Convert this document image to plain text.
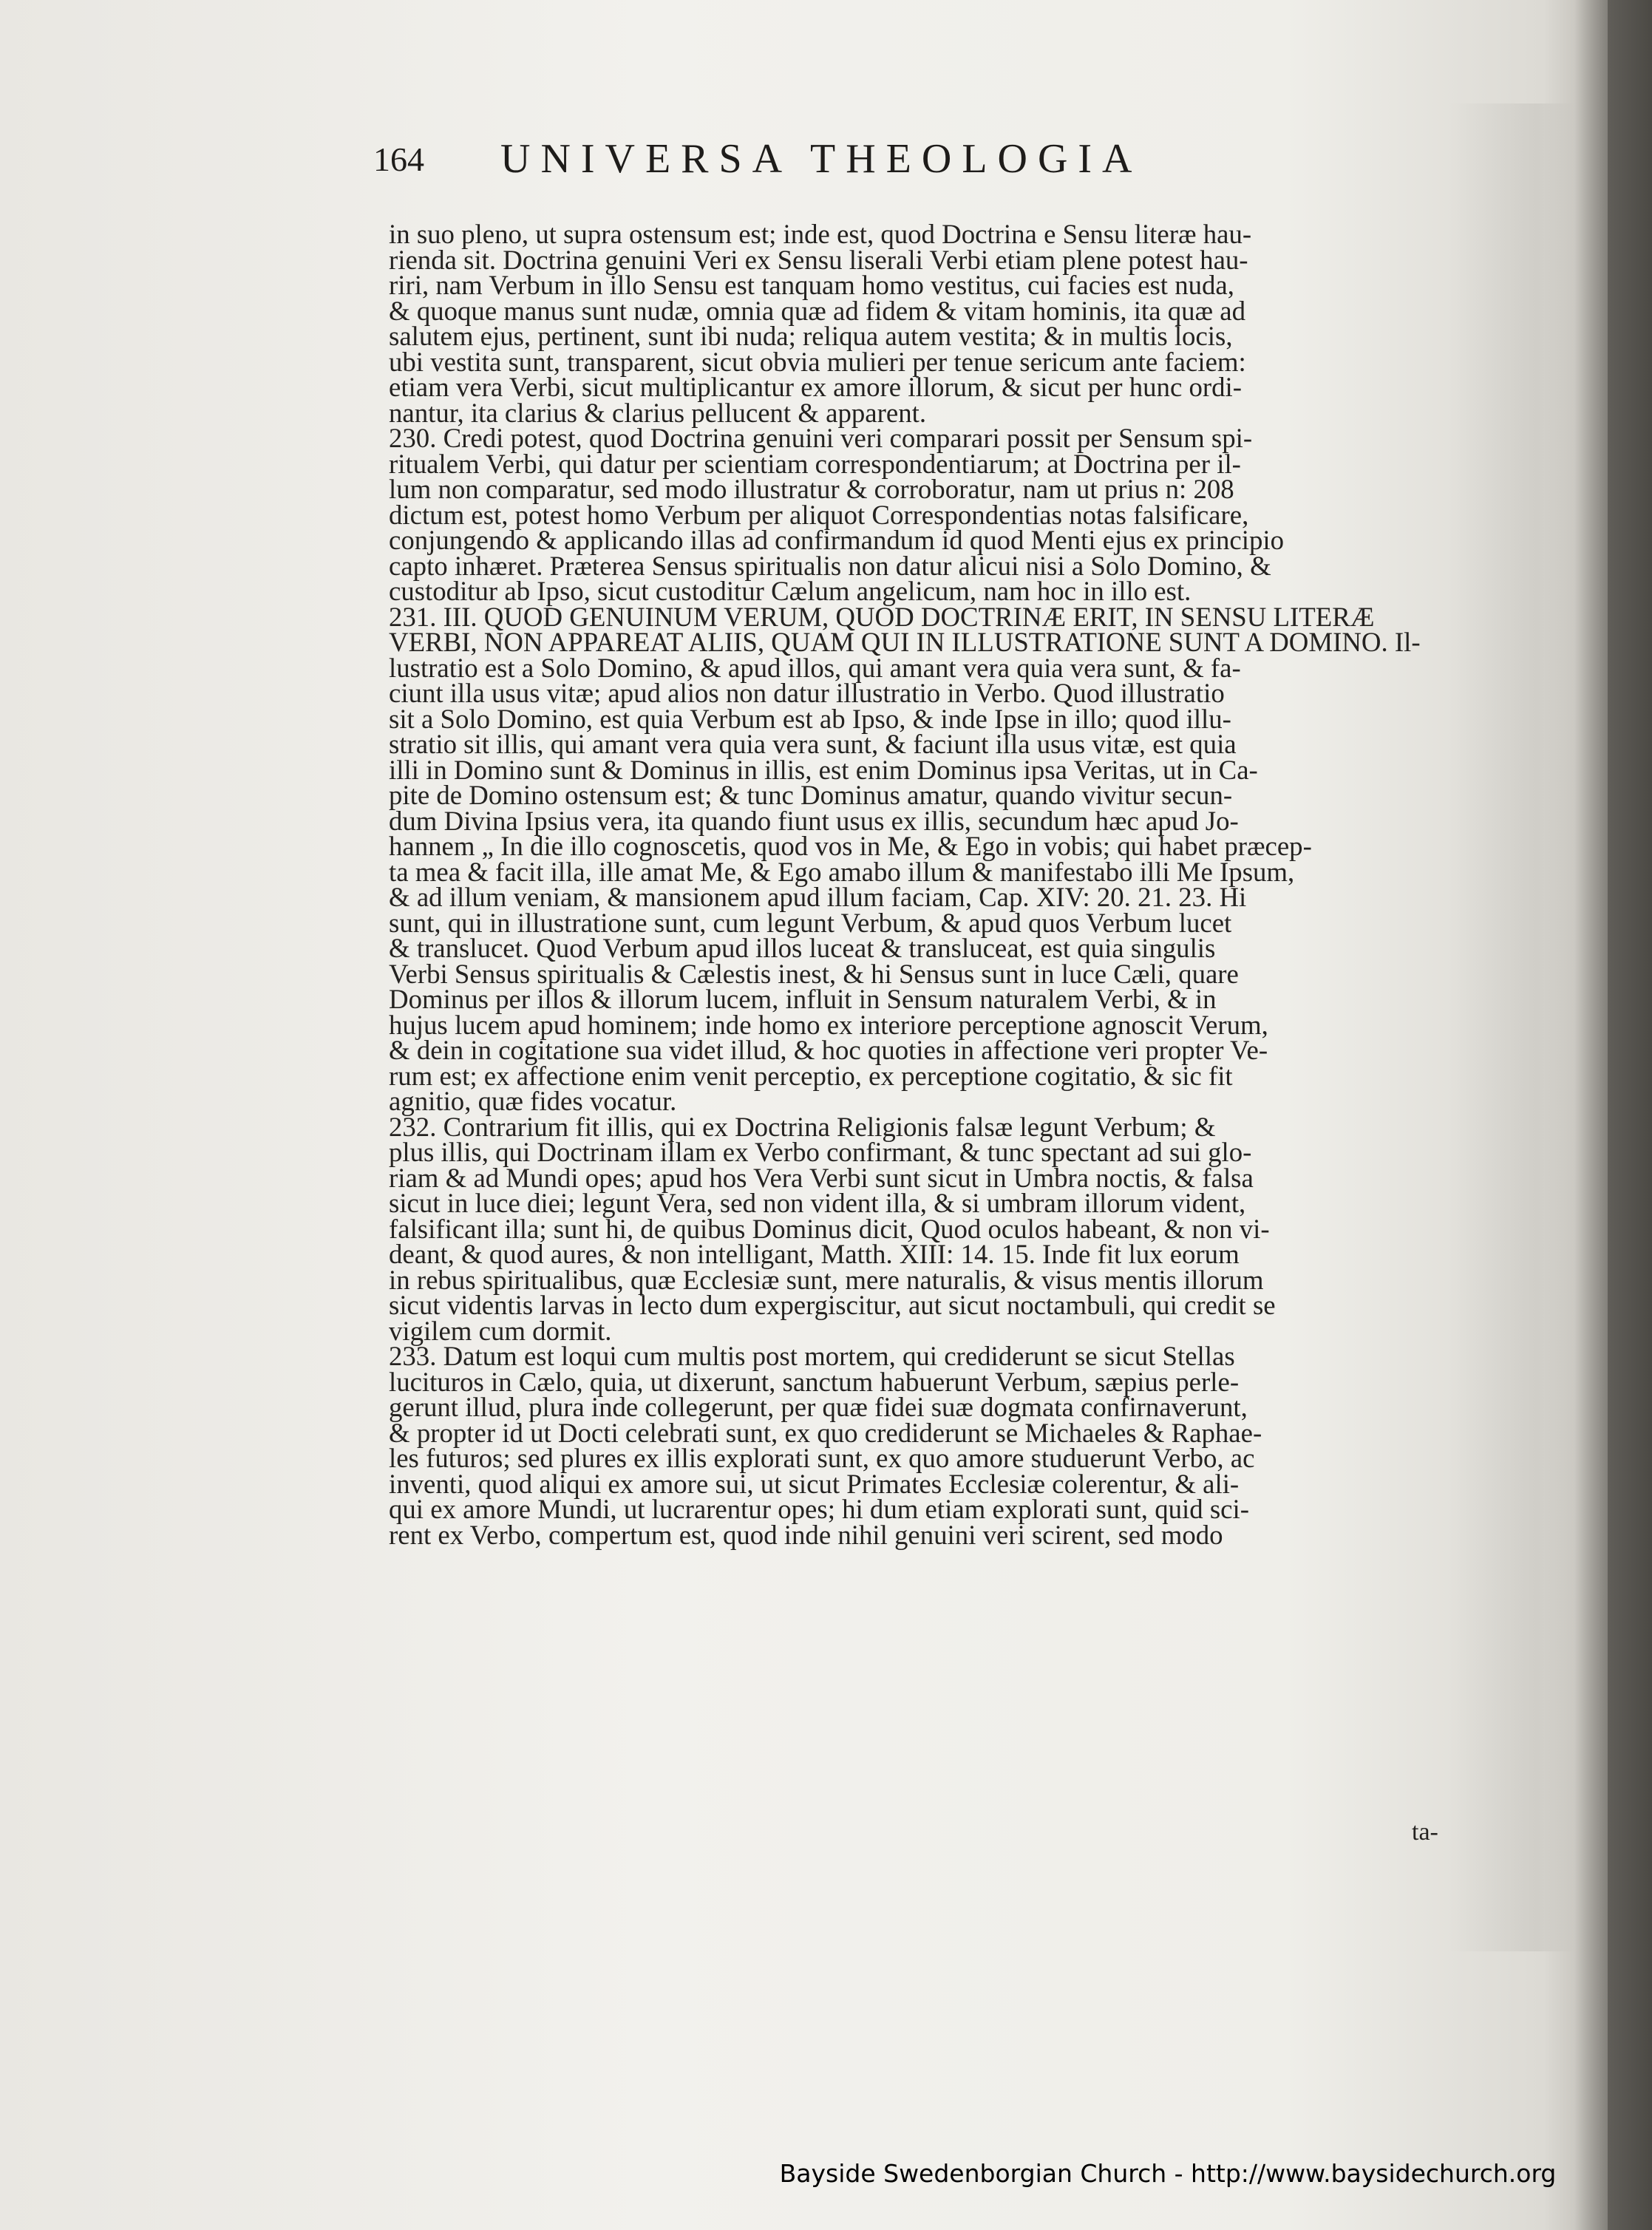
164 UNIVERSA THEOLOGIA
in suo pleno, ut supra ostensum est; inde est, quod Doctrina e Sensu literæ hau-
rienda sit. Doctrina genuini Veri ex Sensu liserali Verbi etiam plene potest hau-
riri, nam Verbum in illo Sensu est tanquam homo vestitus, cui facies est nuda,
& quoque manus sunt nudæ, omnia quæ ad fidem & vitam hominis, ita quæ ad
salutem ejus, pertinent, sunt ibi nuda; reliqua autem vestita; & in multis locis,
ubi vestita sunt, transparent, sicut obvia mulieri per tenue sericum ante faciem:
etiam vera Verbi, sicut multiplicantur ex amore illorum, & sicut per hunc ordi-
nantur, ita clarius & clarius pellucent & apparent.
230. Credi potest, quod Doctrina genuini veri comparari possit per Sensum spi-
ritualem Verbi, qui datur per scientiam correspondentiarum; at Doctrina per il-
lum non comparatur, sed modo illustratur & corroboratur, nam ut prius n: 208
dictum est, potest homo Verbum per aliquot Correspondentias notas falsificare,
conjungendo & applicando illas ad confirmandum id quod Menti ejus ex principio
capto inhæret. Præterea Sensus spiritualis non datur alicui nisi a Solo Domino, &
custoditur ab Ipso, sicut custoditur Cælum angelicum, nam hoc in illo est.
231. III. QUOD GENUINUM VERUM, QUOD DOCTRINÆ ERIT, IN SENSU LITERÆ
VERBI, NON APPAREAT ALIIS, QUAM QUI IN ILLUSTRATIONE SUNT A DOMINO. Il-
lustratio est a Solo Domino, & apud illos, qui amant vera quia vera sunt, & fa-
ciunt illa usus vitæ; apud alios non datur illustratio in Verbo. Quod illustratio
sit a Solo Domino, est quia Verbum est ab Ipso, & inde Ipse in illo; quod illu-
stratio sit illis, qui amant vera quia vera sunt, & faciunt illa usus vitæ, est quia
illi in Domino sunt & Dominus in illis, est enim Dominus ipsa Veritas, ut in Ca-
pite de Domino ostensum est; & tunc Dominus amatur, quando vivitur secun-
dum Divina Ipsius vera, ita quando fiunt usus ex illis, secundum hæc apud Jo-
hannem „ In die illo cognoscetis, quod vos in Me, & Ego in vobis; qui habet præcep-
ta mea & facit illa, ille amat Me, & Ego amabo illum & manifestabo illi Me Ipsum,
& ad illum veniam, & mansionem apud illum faciam, Cap. XIV: 20. 21. 23. Hi
sunt, qui in illustratione sunt, cum legunt Verbum, & apud quos Verbum lucet
& translucet. Quod Verbum apud illos luceat & transluceat, est quia singulis
Verbi Sensus spiritualis & Cælestis inest, & hi Sensus sunt in luce Cæli, quare
Dominus per illos & illorum lucem, influit in Sensum naturalem Verbi, & in
hujus lucem apud hominem; inde homo ex interiore perceptione agnoscit Verum,
& dein in cogitatione sua videt illud, & hoc quoties in affectione veri propter Ve-
rum est; ex affectione enim venit perceptio, ex perceptione cogitatio, & sic fit
agnitio, quæ fides vocatur.
232. Contrarium fit illis, qui ex Doctrina Religionis falsæ legunt Verbum; &
plus illis, qui Doctrinam illam ex Verbo confirmant, & tunc spectant ad sui glo-
riam & ad Mundi opes; apud hos Vera Verbi sunt sicut in Umbra noctis, & falsa
sicut in luce diei; legunt Vera, sed non vident illa, & si umbram illorum vident,
falsificant illa; sunt hi, de quibus Dominus dicit, Quod oculos habeant, & non vi-
deant, & quod aures, & non intelligant, Matth. XIII: 14. 15. Inde fit lux eorum
in rebus spiritualibus, quæ Ecclesiæ sunt, mere naturalis, & visus mentis illorum
sicut videntis larvas in lecto dum expergiscitur, aut sicut noctambuli, qui credit se
vigilem cum dormit.
233. Datum est loqui cum multis post mortem, qui crediderunt se sicut Stellas
lucituros in Cælo, quia, ut dixerunt, sanctum habuerunt Verbum, sæpius perle-
gerunt illud, plura inde collegerunt, per quæ fidei suæ dogmata confirnaverunt,
& propter id ut Docti celebrati sunt, ex quo crediderunt se Michaeles & Raphae-
les futuros; sed plures ex illis explorati sunt, ex quo amore studuerunt Verbo, ac
inventi, quod aliqui ex amore sui, ut sicut Primates Ecclesiæ colerentur, & ali-
qui ex amore Mundi, ut lucrarentur opes; hi dum etiam explorati sunt, quid sci-
rent ex Verbo, compertum est, quod inde nihil genuini veri scirent, sed modo
ta-
Bayside Swedenborgian Church - http://www.baysidechurch.org
